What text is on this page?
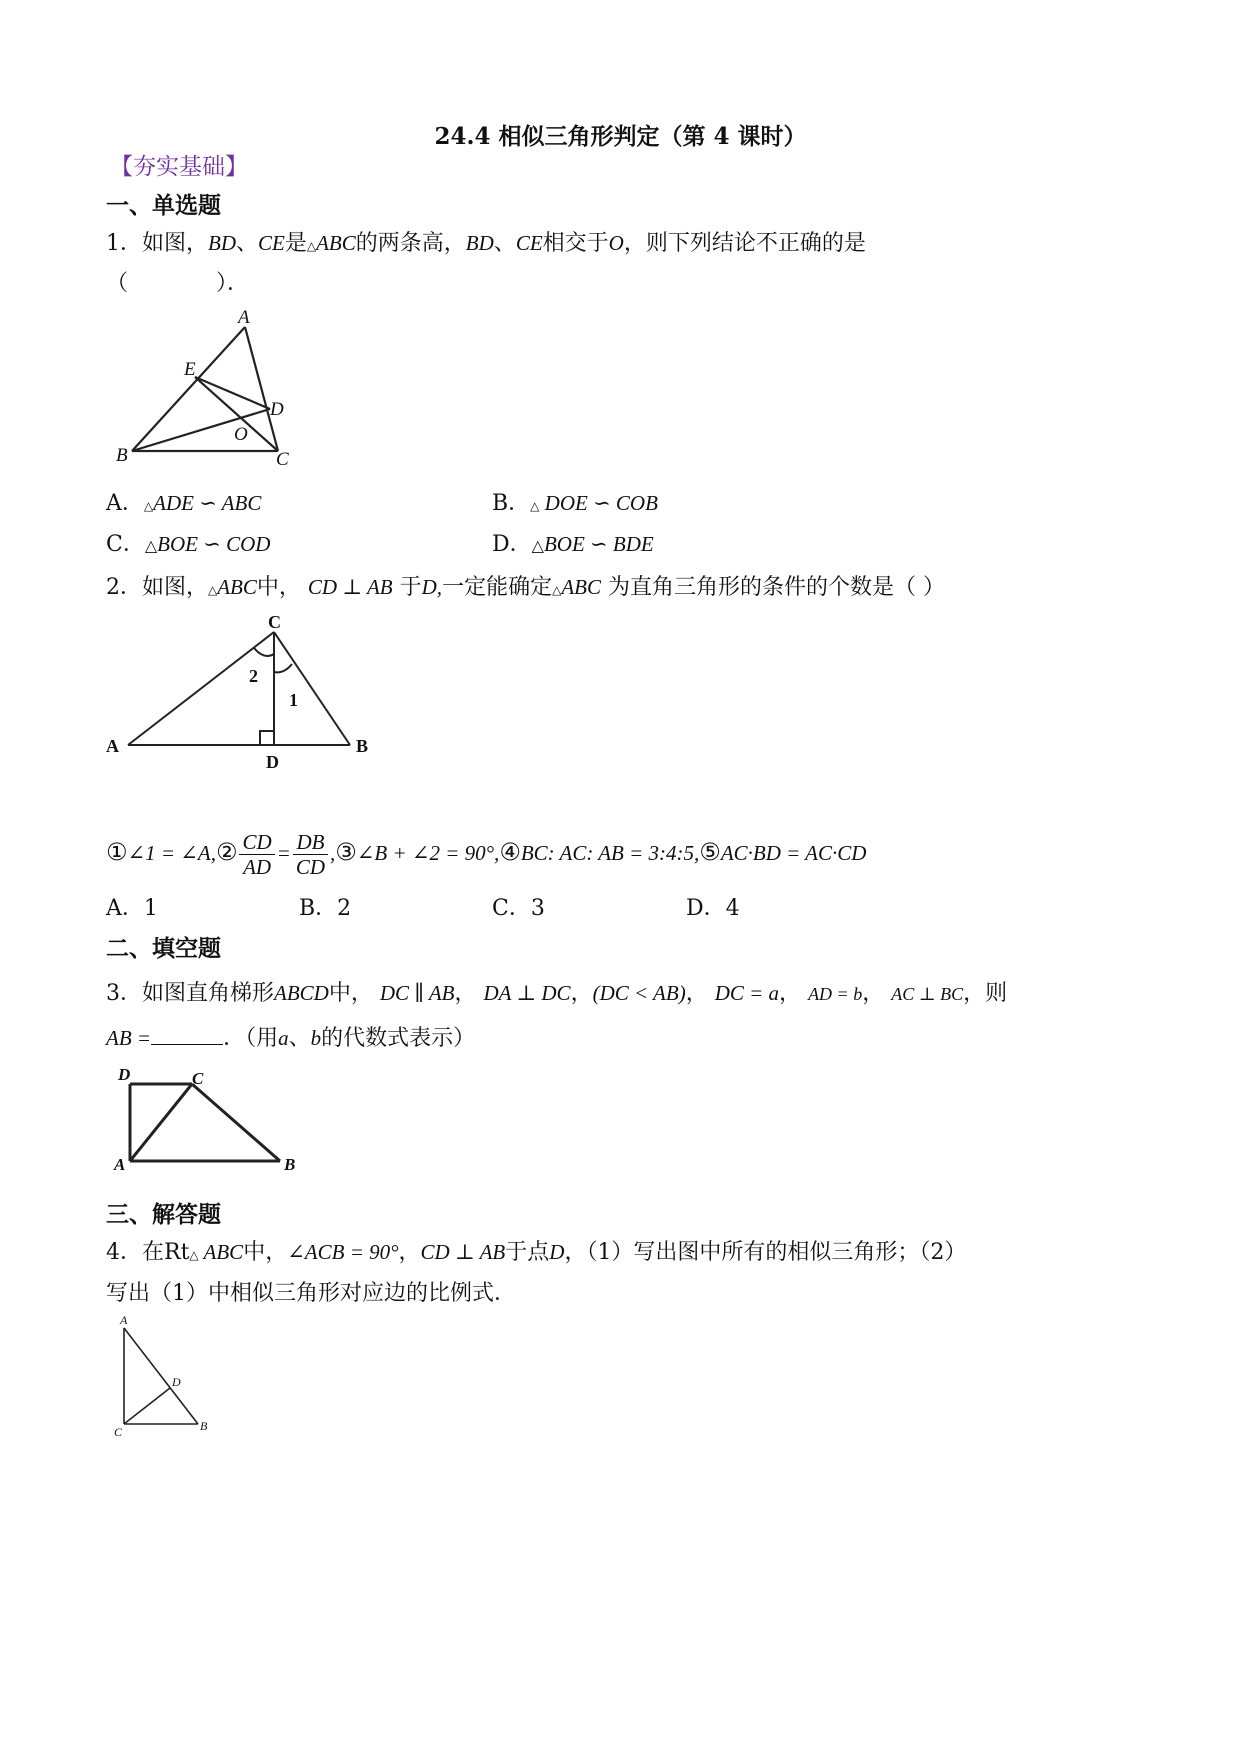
24.4 相似三角形判定（第 4 课时）
【夯实基础】
一、单选题
1．如图，BD、CE是△ABC的两条高，BD、CE相交于O，则下列结论不正确的是
（　　　　）．
A
E
D
O
B	C
A．△ADE ∽ ABC	B．△ DOE ∽ COB
C．△BOE ∽ COD	D．△BOE ∽ BDE
2．如图，△ABC中， CD ⊥ AB 于D,一定能确定△ABC 为直角三角形的条件的个数是（ ）
C
A	B
D
1
2
①∠1 = ∠A,② $\frac{CD}{AD} = \frac{DB}{CD}$ ,③∠B + ∠2 = 90°,④BC: AC: AB = 3:4:5,⑤AC·BD = AC·CD
A．1	B．2	C．3	D．4
二、填空题
3．如图直角梯形ABCD中， DC ∥ AB， DA ⊥ DC，(DC < AB)， DC = a， AD = b， AC ⊥ BC，则
AB =	．（用a、b的代数式表示）
D	C
A	B
三、解答题
4．在Rt△ ABC中，∠ACB = 90°，CD ⊥ AB于点D，（1）写出图中所有的相似三角形；（2）
写出（1）中相似三角形对应边的比例式．
A
D
C	B
